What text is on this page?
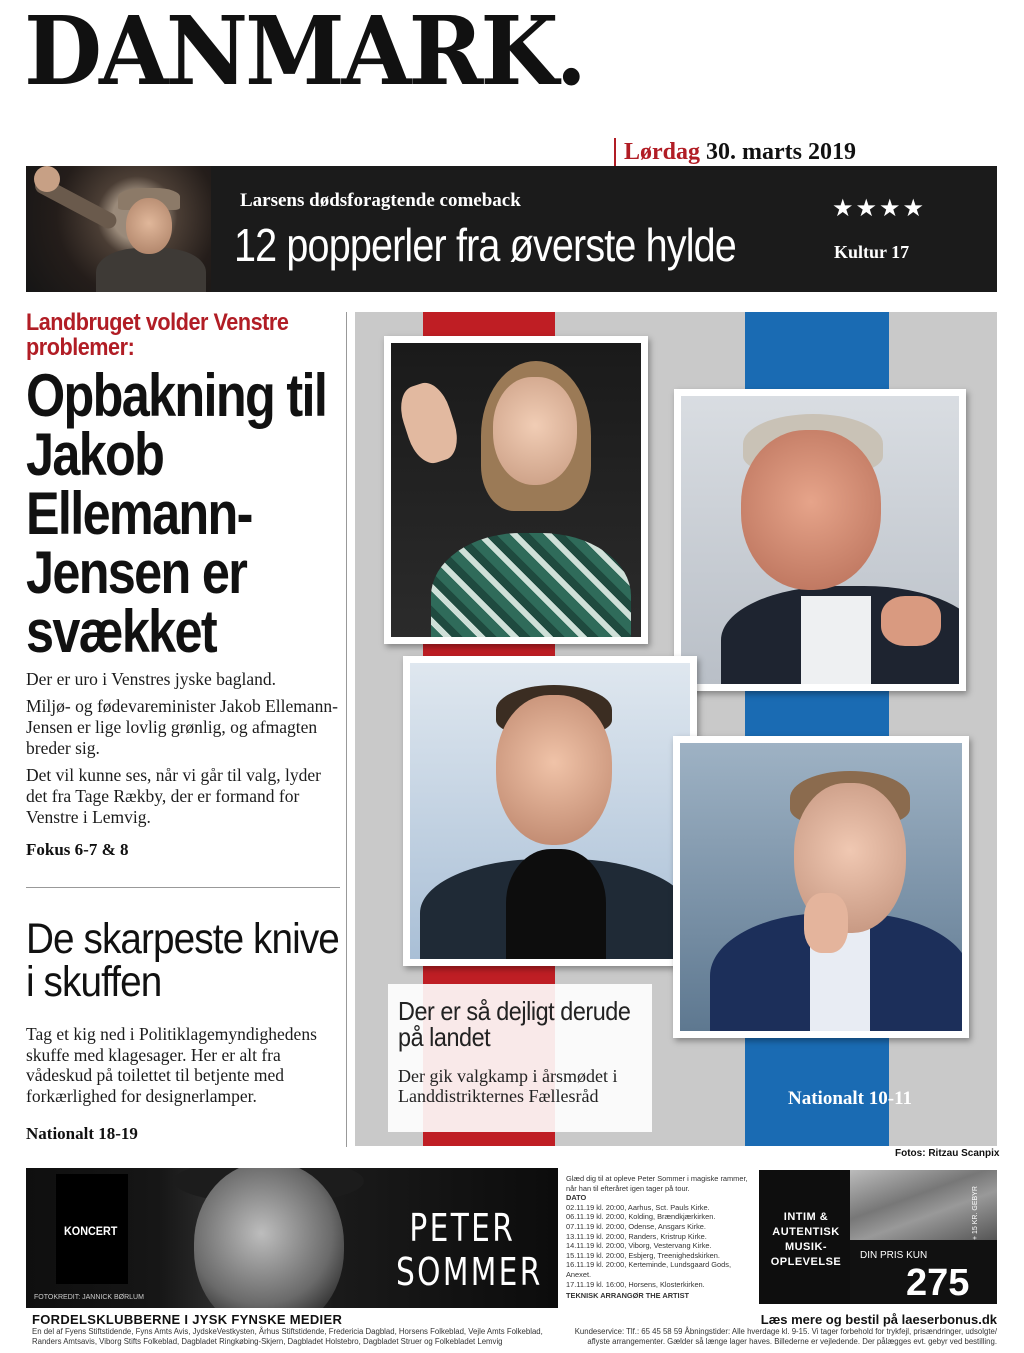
DANMARK.
Lørdag 30. marts 2019
Larsens dødsforagtende comeback
12 popperler fra øverste hylde
★★★★
Kultur 17
Landbruget volder Venstre problemer:
Opbakning til Jakob Ellemann-Jensen er svækket

Der er uro i Venstres jyske bagland.

Miljø- og fødevareminister Jakob Ellemann-Jensen er lige lovlig grønlig, og afmagten breder sig.

Det vil kunne ses, når vi går til valg, lyder det fra Tage Rækby, der er formand for Venstre i Lemvig.

Fokus 6-7 & 8
De skarpeste knive i skuffen
Tag et kig ned i Politiklagemyndighedens skuffe med klagesager. Her er alt fra vådeskud på toilettet til betjente med forkærlighed for designerlamper.
Nationalt 18-19
Der er så dejligt derude på landet
Der gik valgkamp i årsmødet i Landdistrikternes Fællesråd	Nationalt 10-11
Fotos: Ritzau Scanpix
KONCERT
FOTOKREDIT: JANNICK BØRLUM
PETER
SOMMER
Glæd dig til at opleve Peter Sommer i magiske rammer, når han til efteråret igen tager på tour.
DATO
02.11.19 kl. 20:00, Aarhus, Sct. Pauls Kirke.
06.11.19 kl. 20:00, Kolding, Brændkjærkirken.
07.11.19 kl. 20:00, Odense, Ansgars Kirke.
13.11.19 kl. 20:00, Randers, Kristrup Kirke.
14.11.19 kl. 20:00, Viborg, Vestervang Kirke.
15.11.19 kl. 20:00, Esbjerg, Treenighedskirken.
16.11.19 kl. 20:00, Kerteminde, Lundsgaard Gods, Anexet.
17.11.19 kl. 16:00, Horsens, Klosterkirken.
TEKNISK ARRANGØR THE ARTIST
INTIM & AUTENTISK MUSIK-OPLEVELSE
DIN PRIS KUN
275
+ 15 KR. GEBYR
FORDELSKLUBBERNE I JYSK FYNSKE MEDIER
En del af Fyens Stiftstidende, Fyns Amts Avis, JydskeVestkysten, Århus Stiftstidende, Fredericia Dagblad, Horsens Folkeblad, Vejle Amts Folkeblad, Randers Amtsavis, Viborg Stifts Folkeblad, Dagbladet Ringkøbing-Skjern, Dagbladet Holstebro, Dagbladet Struer og Folkebladet Lemvig
Læs mere og bestil på laeserbonus.dk
Kundeservice: Tlf.: 65 45 58 59 Åbningstider: Alle hverdage kl. 9-15. Vi tager forbehold for trykfejl, prisændringer, udsolgte/ aflyste arrangementer. Gælder så længe lager haves. Billederne er vejledende. Der pålægges evt. gebyr ved bestilling.
